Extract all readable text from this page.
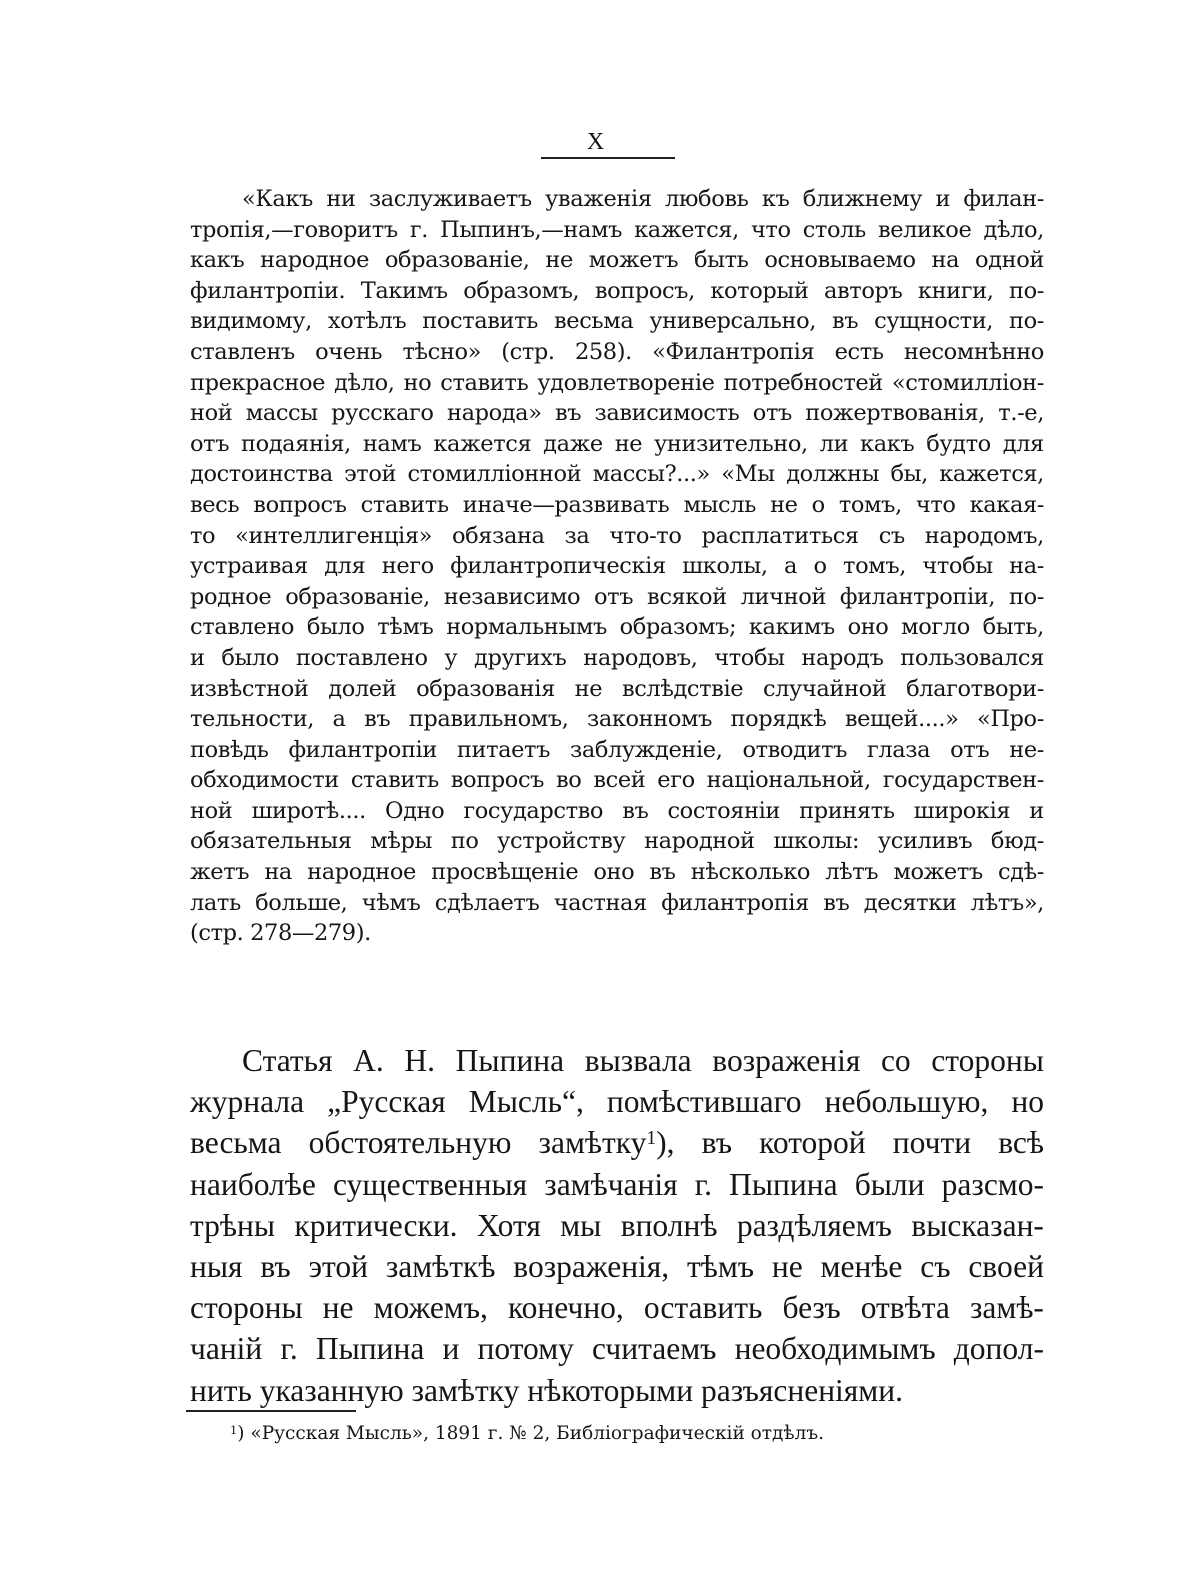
X
«Какъ ни заслуживаетъ уваженія любовь къ ближнему и филан-
тропія,—говоритъ г. Пыпинъ,—намъ кажется, что столь великое дѣло,
какъ народное образованіе, не можетъ быть основываемо на одной
филантропіи. Такимъ образомъ, вопросъ, который авторъ книги, по-
видимому, хотѣлъ поставить весьма универсально, въ сущности, по-
ставленъ очень тѣсно» (стр. 258). «Филантропія есть несомнѣнно
прекрасное дѣло, но ставить удовлетвореніе потребностей «стомилліон-
ной массы русскаго народа» въ зависимость отъ пожертвованія, т.-е,
отъ подаянія, намъ кажется даже не унизительно, ли какъ будто для
достоинства этой стомилліонной массы?...» «Мы должны бы, кажется,
весь вопросъ ставить иначе—развивать мысль не о томъ, что какая-
то «интеллигенція» обязана за что-то расплатиться съ народомъ,
устраивая для него филантропическія школы, а о томъ, чтобы на-
родное образованіе, независимо отъ всякой личной филантропіи, по-
ставлено было тѣмъ нормальнымъ образомъ; какимъ оно могло быть,
и было поставлено у другихъ народовъ, чтобы народъ пользовался
извѣстной долей образованія не вслѣдствіе случайной благотвори-
тельности, а въ правильномъ, законномъ порядкѣ вещей....» «Про-
повѣдь филантропіи питаетъ заблужденіе, отводитъ глаза отъ не-
обходимости ставить вопросъ во всей его національной, государствен-
ной широтѣ.... Одно государство въ состояніи принять широкія и
обязательныя мѣры по устройству народной школы: усиливъ бюд-
жетъ на народное просвѣщеніе оно въ нѣсколько лѣтъ можетъ сдѣ-
лать больше, чѣмъ сдѣлаетъ частная филантропія въ десятки лѣтъ»,
(стр. 278—279).
Статья А. Н. Пыпина вызвала возраженія со стороны
журнала „Русская Мысль“, помѣстившаго небольшую, но
весьма обстоятельную замѣтку$^1$), въ которой почти всѣ
наиболѣе существенныя замѣчанія г. Пыпина были разсмо-
трѣны критически. Хотя мы вполнѣ раздѣляемъ высказан-
ныя въ этой замѣткѣ возраженія, тѣмъ не менѣе съ своей
стороны не можемъ, конечно, оставить безъ отвѣта замѣ-
чаній г. Пыпина и потому считаемъ необходимымъ допол-
нить указанную замѣтку нѣкоторыми разъясненіями.
$^1$) «Русская Мысль», 1891 г. № 2, Библіографическій отдѣлъ.
